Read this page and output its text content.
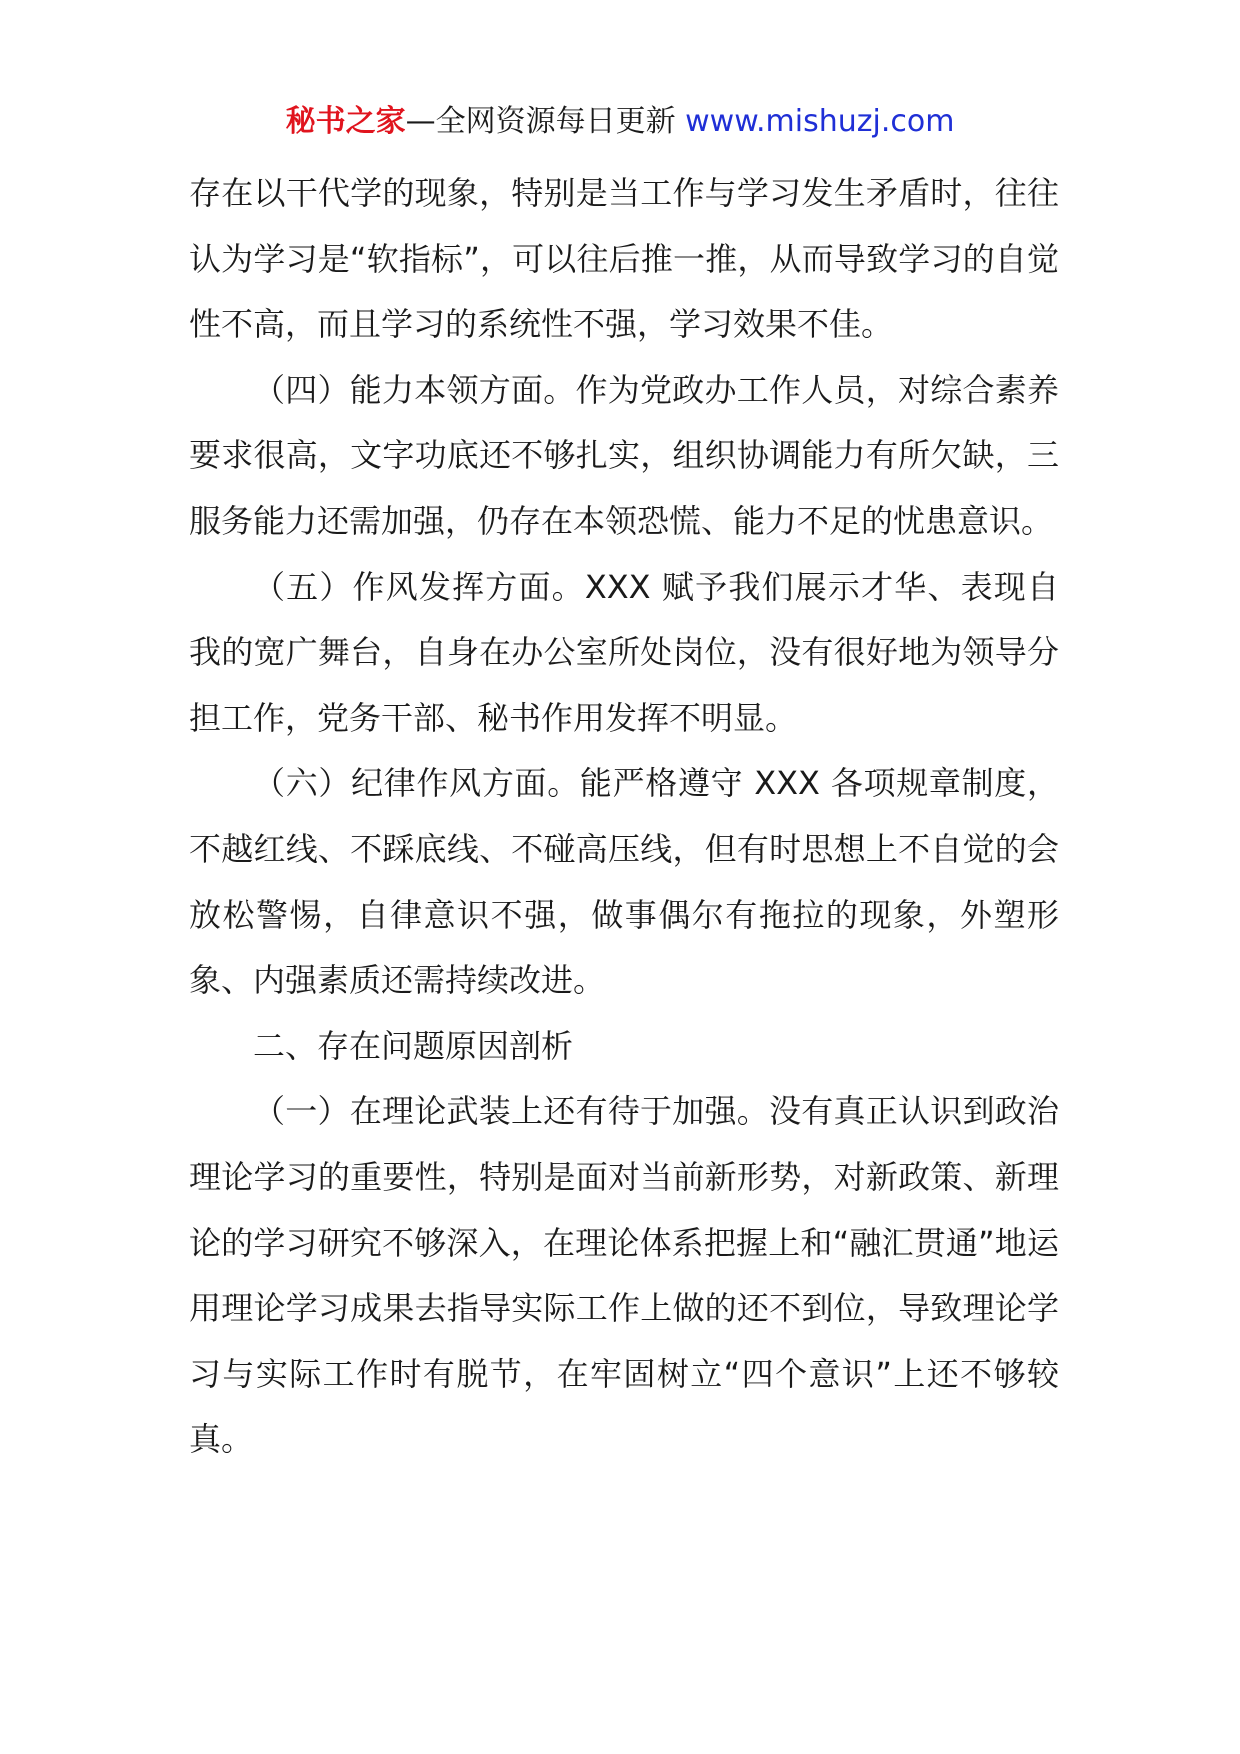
秘书之家—全网资源每日更新 www.mishuzj.com

存在以干代学的现象，特别是当工作与学习发生矛盾时，往往认为学习是“软指标”，可以往后推一推，从而导致学习的自觉性不高，而且学习的系统性不强，学习效果不佳。

（四）能力本领方面。作为党政办工作人员，对综合素养要求很高，文字功底还不够扎实，组织协调能力有所欠缺，三服务能力还需加强，仍存在本领恐慌、能力不足的忧患意识。

（五）作风发挥方面。XXX 赋予我们展示才华、表现自我的宽广舞台，自身在办公室所处岗位，没有很好地为领导分担工作，党务干部、秘书作用发挥不明显。

（六）纪律作风方面。能严格遵守 XXX 各项规章制度，不越红线、不踩底线、不碰高压线，但有时思想上不自觉的会放松警惕，自律意识不强，做事偶尔有拖拉的现象，外塑形象、内强素质还需持续改进。

二、存在问题原因剖析

（一）在理论武装上还有待于加强。没有真正认识到政治理论学习的重要性，特别是面对当前新形势，对新政策、新理论的学习研究不够深入，在理论体系把握上和“融汇贯通”地运用理论学习成果去指导实际工作上做的还不到位，导致理论学习与实际工作时有脱节，在牢固树立“四个意识”上还不够较真。
